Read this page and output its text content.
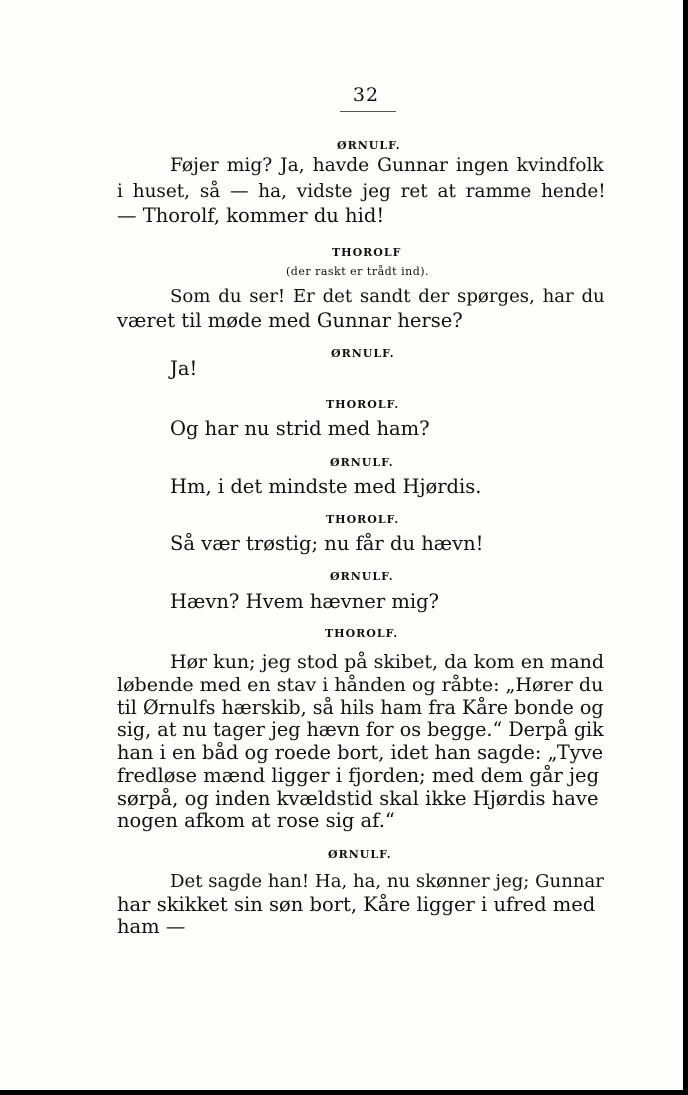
32
ØRNULF.
Føjer mig? Ja, havde Gunnar ingen kvindfolk
i huset, så — ha, vidste jeg ret at ramme hende!
— Thorolf, kommer du hid!
THOROLF
(der raskt er trådt ind).
Som du ser! Er det sandt der spørges, har du
været til møde med Gunnar herse?
ØRNULF.
Ja!
THOROLF.
Og har nu strid med ham?
ØRNULF.
Hm, i det mindste med Hjørdis.
THOROLF.
Så vær trøstig; nu får du hævn!
ØRNULF.
Hævn? Hvem hævner mig?
THOROLF.
Hør kun; jeg stod på skibet, da kom en mand
løbende med en stav i hånden og råbte: „Hører du
til Ørnulfs hærskib, så hils ham fra Kåre bonde og
sig, at nu tager jeg hævn for os begge.“ Derpå gik
han i en båd og roede bort, idet han sagde: „Tyve
fredløse mænd ligger i fjorden; med dem går jeg
sørpå, og inden kvældstid skal ikke Hjørdis have
nogen afkom at rose sig af.“
ØRNULF.
Det sagde han! Ha, ha, nu skønner jeg; Gunnar
har skikket sin søn bort, Kåre ligger i ufred med
ham —
